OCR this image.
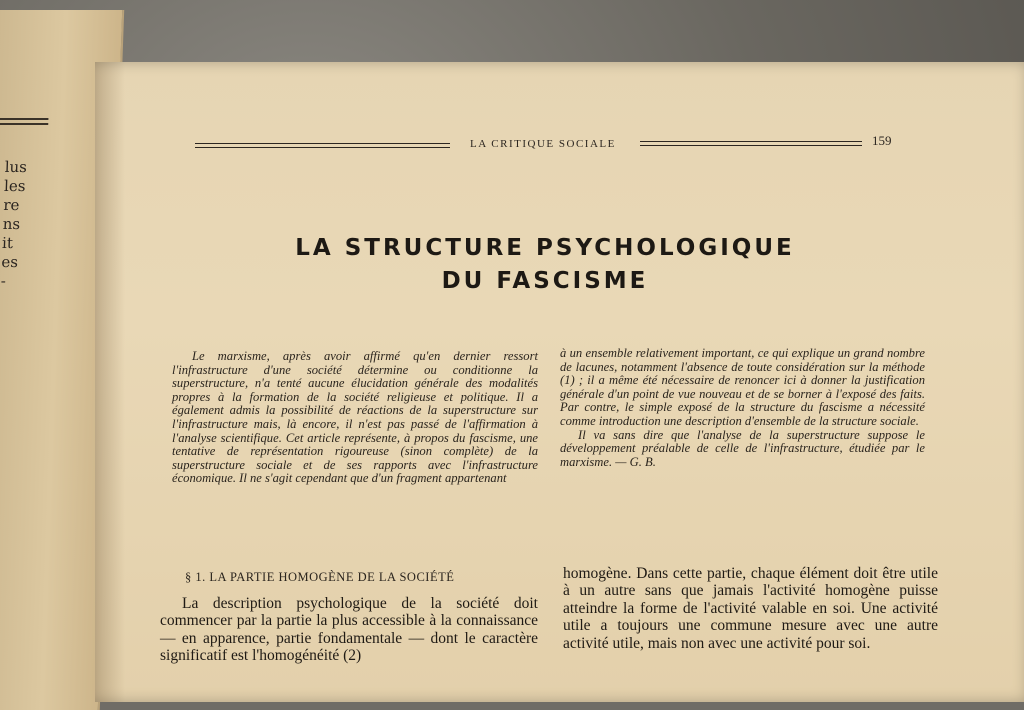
lus
les
re
ns
it
es
-
LA CRITIQUE SOCIALE	159
LA STRUCTURE PSYCHOLOGIQUE
DU FASCISME

Le marxisme, après avoir affirmé qu'en dernier ressort l'infrastructure d'une société détermine ou conditionne la superstructure, n'a tenté aucune élucidation générale des modalités propres à la formation de la société religieuse et politique. Il a également admis la possibilité de réactions de la superstructure sur l'infrastructure mais, là encore, il n'est pas passé de l'affirmation à l'analyse scientifique. Cet article représente, à propos du fascisme, une tentative de représentation rigoureuse (sinon complète) de la superstructure sociale et de ses rapports avec l'infrastructure économique. Il ne s'agit cependant que d'un fragment appartenant

à un ensemble relativement important, ce qui explique un grand nombre de lacunes, notamment l'absence de toute considération sur la méthode (1) ; il a même été nécessaire de renoncer ici à donner la justification générale d'un point de vue nouveau et de se borner à l'exposé des faits. Par contre, le simple exposé de la structure du fascisme a nécessité comme introduction une description d'ensemble de la structure sociale.

Il va sans dire que l'analyse de la superstructure suppose le développement préalable de celle de l'infrastructure, étudiée par le marxisme. — G. B.

§ 1. LA PARTIE HOMOGÈNE DE LA SOCIÉTÉ

La description psychologique de la société doit commencer par la partie la plus accessible à la connaissance — en apparence, partie fondamentale — dont le caractère significatif est l'homogénéité (2)

homogène. Dans cette partie, chaque élément doit être utile à un autre sans que jamais l'activité homogène puisse atteindre la forme de l'activité valable en soi. Une activité utile a toujours une commune mesure avec une autre activité utile, mais non avec une activité pour soi.
